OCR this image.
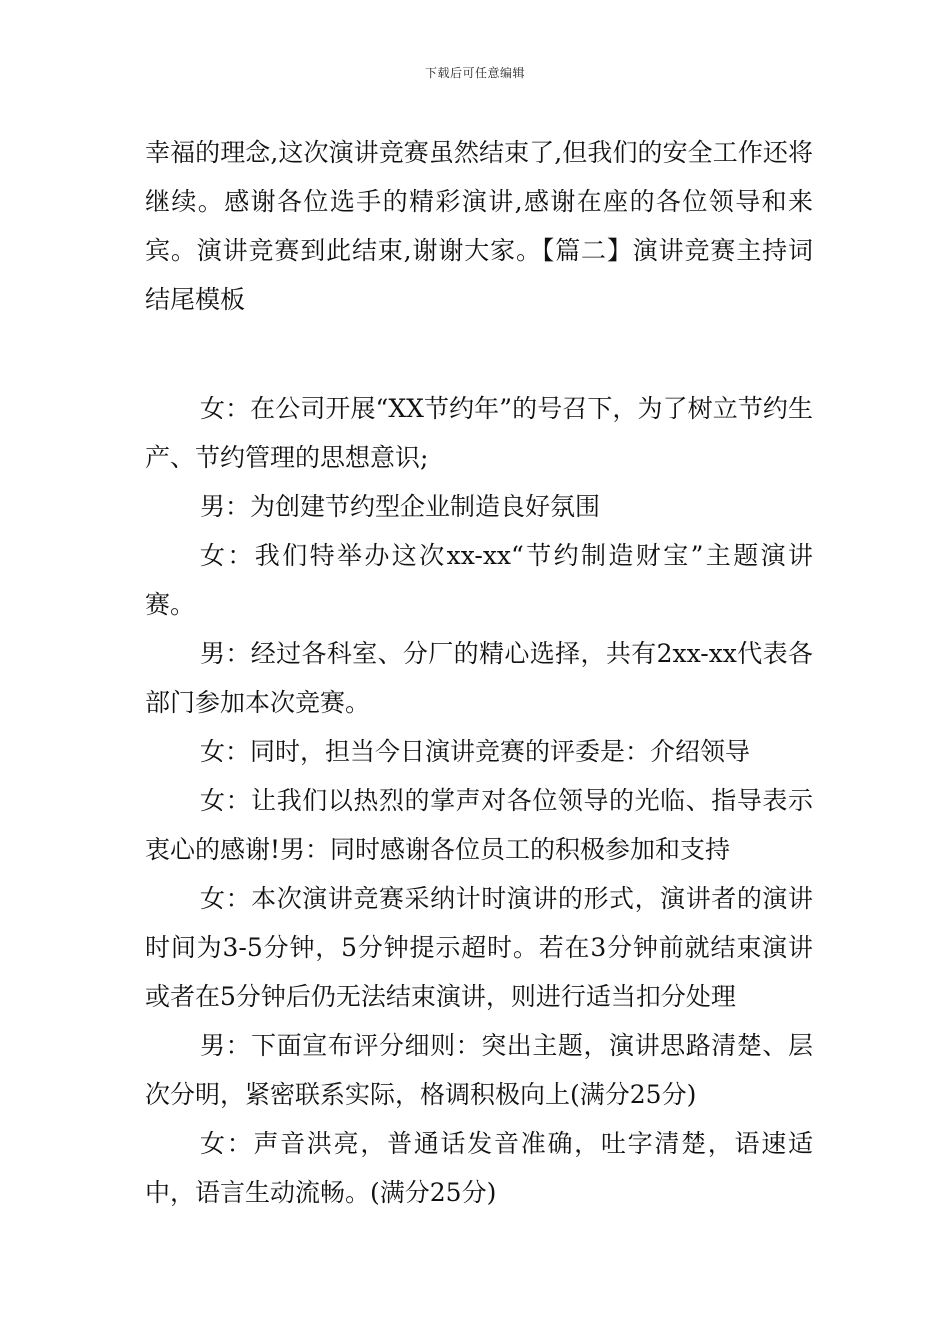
下载后可任意编辑

幸福的理念,这次演讲竞赛虽然结束了,但我们的安全工作还将继续。感谢各位选手的精彩演讲,感谢在座的各位领导和来宾。演讲竞赛到此结束,谢谢大家。【篇二】演讲竞赛主持词结尾模板

女：在公司开展“XX节约年”的号召下，为了树立节约生产、节约管理的思想意识;

男：为创建节约型企业制造良好氛围

女：我们特举办这次xx-xx“节约制造财宝”主题演讲赛。

男：经过各科室、分厂的精心选择，共有2xx-xx代表各部门参加本次竞赛。

女：同时，担当今日演讲竞赛的评委是：介绍领导

女：让我们以热烈的掌声对各位领导的光临、指导表示衷心的感谢!男：同时感谢各位员工的积极参加和支持

女：本次演讲竞赛采纳计时演讲的形式，演讲者的演讲时间为3-5分钟，5分钟提示超时。若在3分钟前就结束演讲或者在5分钟后仍无法结束演讲，则进行适当扣分处理

男：下面宣布评分细则：突出主题，演讲思路清楚、层次分明，紧密联系实际，格调积极向上(满分25分)

女：声音洪亮，普通话发音准确，吐字清楚，语速适中，语言生动流畅。(满分25分)
